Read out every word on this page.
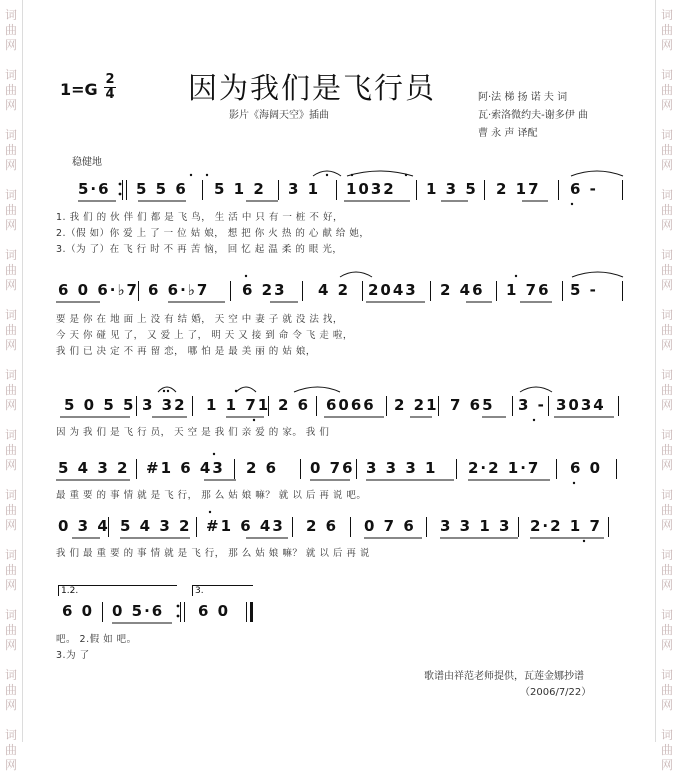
词
曲
网
词
曲
网
词
曲
网
词
曲
网
词
曲
网
词
曲
网
词
曲
网
词
曲
网
词
曲
网
词
曲
网
词
曲
网
词
曲
网
词
曲
网
词
曲
网
词
曲
网
词
曲
网
词
曲
网
词
曲
网
词
曲
网
词
曲
网
词
曲
网
词
曲
网
词
曲
网
词
曲
网
词
曲
网
词
曲
网
1=G
2
4	因为我们是飞行员
影片《海阔天空》插曲
阿·法 梯 扬 诺 夫 词
瓦·索洛微约夫-谢多伊 曲
曹 永 声 译配
稳健地
5·6 5 5 6 5 1 2 3 1 1032 1 3 5 2 17 6 -
1. 我 们 的 伙 伴 们 都 是 飞 鸟， 生 活 中 只 有 一 桩 不 好，
2.（假 如）你 爱 上 了 一 位 姑 娘， 想 把 你 火 热 的 心 献 给 她，
3.（为 了）在 飞 行 时 不 再 苦 恼， 回 忆 起 温 柔 的 眼 光，
6 0 6·♭7 6 6·♭7 6 23 4 2 2043 2 46 1 76 5 -
要 是 你 在 地 面 上 没 有 结 婚， 天 空 中 妻 子 就 没 法 找，
今 天 你 碰 见 了， 又 爱 上 了， 明 天 又 接 到 命 令 飞 走 啦，
我 们 已 决 定 不 再 留 恋， 哪 怕 是 最 美 丽 的 姑 娘，
5 0 5 5 3 32 1 1 71 2 6 6066 2 21 7 65 3 - 3034
因 为 我 们 是 飞 行 员， 天 空 是 我 们 亲 爱 的 家。 我 们
5 4 3 2 #1 6 43 2 6 0 76 3 3 3 1 2·2 1·7 6 0
最 重 要 的 事 情 就 是 飞 行， 那 么 姑 娘 嘛？ 就 以 后 再 说 吧。
0 3 4 5 4 3 2 #1 6 43 2 6 0 7 6 3 3 1 3 2·2 1 7
我 们 最 重 要 的 事 情 就 是 飞 行， 那 么 姑 娘 嘛？ 就 以 后 再 说
1.2.	3.
6 0 0 5·6 6 0
吧。 2.假 如 吧。
3.为 了
歌谱由祥范老师提供，瓦莲金娜抄谱
（2006/7/22）
